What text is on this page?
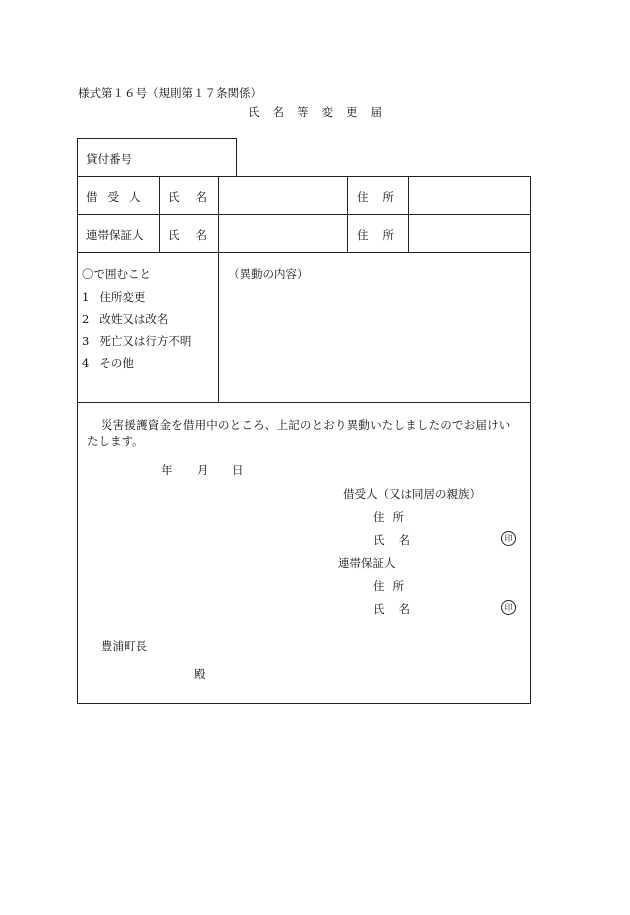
様式第１６号（規則第１７条関係）
氏名等変更届
貸付番号
借受人 氏名	住所
連帯保証人 氏名	住所
〇で囲むこと
1 住所変更
2 改姓又は改名
3 死亡又は行方不明
4 その他
（異動の内容）
災害援護資金を借用中のところ、上記のとおり異動いたしましたのでお届けい
たします。
年 月 日
借受人（又は同居の親族）
住所
氏名	印
連帯保証人
住所
氏名	印
豊浦町長
殿
